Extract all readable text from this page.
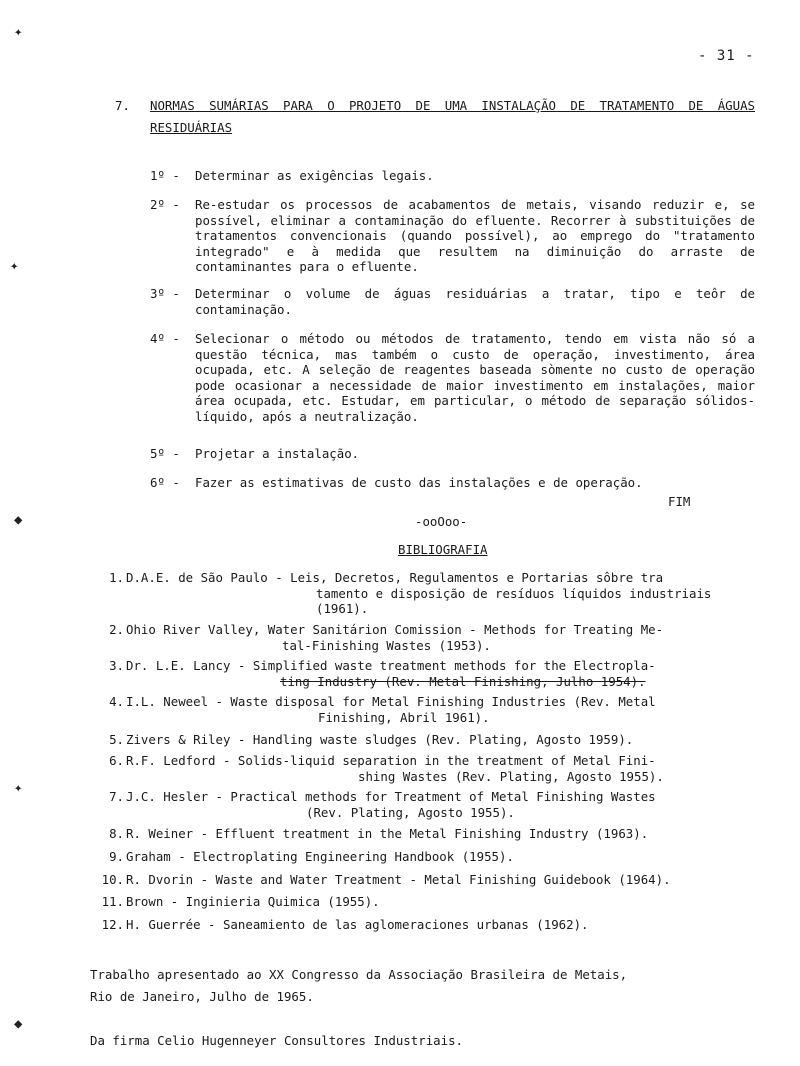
✦
✦
◆
✦
◆
- 31 -
7. NORMAS SUMÁRIAS PARA O PROJETO DE UMA INSTALAÇÃO DE TRATAMENTO DE ÁGUAS RESIDUÁRIAS
1º -	Determinar as exigências legais.
2º -	Re-estudar os processos de acabamentos de metais, visando reduzir e, se possível, eliminar a contaminação do efluente. Recorrer à substituições de tratamentos convencionais (quando possível), ao emprego do "tratamento integrado" e à medida que resultem na diminuição do arraste de contaminantes para o efluente.
3º -	Determinar o volume de águas residuárias a tratar, tipo e teôr de contaminação.
4º -	Selecionar o método ou métodos de tratamento, tendo em vista não só a questão técnica, mas também o custo de operação, investimento, área ocupada, etc. A seleção de reagentes baseada sòmente no custo de operação pode ocasionar a necessidade de maior investimento em instalações, maior área ocupada, etc. Estudar, em particular, o método de separação sólidos-líquido, após a neutralização.
5º -	Projetar a instalação.
6º -	Fazer as estimativas de custo das instalações e de operação.
FIM
-ooOoo-
BIBLIOGRAFIA
1. D.A.E. de São Paulo - Leis, Decretos, Regulamentos e Portarias sôbre tra
tamento e disposição de resíduos líquidos industriais (1961).
2. Ohio River Valley, Water Sanitárion Comission - Methods for Treating Me-
tal-Finishing Wastes (1953).
3. Dr. L.E. Lancy - Simplified waste treatment methods for the Electropla-
ting Industry (Rev. Metal Finishing, Julho 1954).
4. I.L. Neweel - Waste disposal for Metal Finishing Industries (Rev. Metal
Finishing, Abril 1961).
5. Zivers & Riley - Handling waste sludges (Rev. Plating, Agosto 1959).
6. R.F. Ledford - Solids-liquid separation in the treatment of Metal Fini-
shing Wastes (Rev. Plating, Agosto 1955).
7. J.C. Hesler - Practical methods for Treatment of Metal Finishing Wastes
(Rev. Plating, Agosto 1955).
8. R. Weiner - Effluent treatment in the Metal Finishing Industry (1963).
9. Graham - Electroplating Engineering Handbook (1955).
10. R. Dvorin - Waste and Water Treatment - Metal Finishing Guidebook (1964).
11. Brown - Inginieria Quimica (1955).
12. H. Guerrée - Saneamiento de las aglomeraciones urbanas (1962).
Trabalho apresentado ao XX Congresso da Associação Brasileira de Metais,
Rio de Janeiro, Julho de 1965.
Da firma Celio Hugenneyer Consultores Industriais.
